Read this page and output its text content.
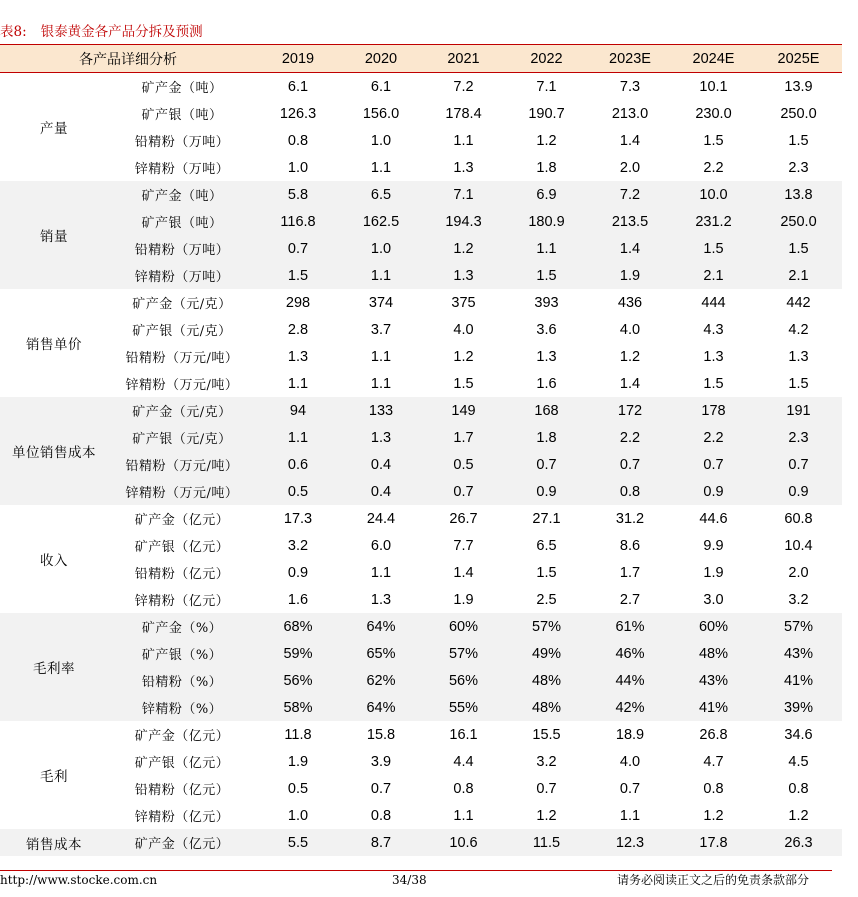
表8: 银泰黄金各产品分拆及预测
各产品详细分析		2019	2020	2021	2022	2023E	2024E	2025E
产量	矿产金（吨）	6.1	6.1	7.2	7.1	7.3	10.1	13.9
	矿产银（吨）	126.3	156.0	178.4	190.7	213.0	230.0	250.0
	铅精粉（万吨）	0.8	1.0	1.1	1.2	1.4	1.5	1.5
	锌精粉（万吨）	1.0	1.1	1.3	1.8	2.0	2.2	2.3
销量	矿产金（吨）	5.8	6.5	7.1	6.9	7.2	10.0	13.8
	矿产银（吨）	116.8	162.5	194.3	180.9	213.5	231.2	250.0
	铅精粉（万吨）	0.7	1.0	1.2	1.1	1.4	1.5	1.5
	锌精粉（万吨）	1.5	1.1	1.3	1.5	1.9	2.1	2.1
销售单价	矿产金（元/克）	298	374	375	393	436	444	442
	矿产银（元/克）	2.8	3.7	4.0	3.6	4.0	4.3	4.2
	铅精粉（万元/吨）	1.3	1.1	1.2	1.3	1.2	1.3	1.3
	锌精粉（万元/吨）	1.1	1.1	1.5	1.6	1.4	1.5	1.5
单位销售成本	矿产金（元/克）	94	133	149	168	172	178	191
	矿产银（元/克）	1.1	1.3	1.7	1.8	2.2	2.2	2.3
	铅精粉（万元/吨）	0.6	0.4	0.5	0.7	0.7	0.7	0.7
	锌精粉（万元/吨）	0.5	0.4	0.7	0.9	0.8	0.9	0.9
收入	矿产金（亿元）	17.3	24.4	26.7	27.1	31.2	44.6	60.8
	矿产银（亿元）	3.2	6.0	7.7	6.5	8.6	9.9	10.4
	铅精粉（亿元）	0.9	1.1	1.4	1.5	1.7	1.9	2.0
	锌精粉（亿元）	1.6	1.3	1.9	2.5	2.7	3.0	3.2
毛利率	矿产金（%）	68%	64%	60%	57%	61%	60%	57%
	矿产银（%）	59%	65%	57%	49%	46%	48%	43%
	铅精粉（%）	56%	62%	56%	48%	44%	43%	41%
	锌精粉（%）	58%	64%	55%	48%	42%	41%	39%
毛利	矿产金（亿元）	11.8	15.8	16.1	15.5	18.9	26.8	34.6
	矿产银（亿元）	1.9	3.9	4.4	3.2	4.0	4.7	4.5
	铅精粉（亿元）	0.5	0.7	0.8	0.7	0.7	0.8	0.8
	锌精粉（亿元）	1.0	0.8	1.1	1.2	1.1	1.2	1.2
销售成本	矿产金（亿元）	5.5	8.7	10.6	11.5	12.3	17.8	26.3
http://www.stocke.com.cn	34/38	请务必阅读正文之后的免责条款部分
